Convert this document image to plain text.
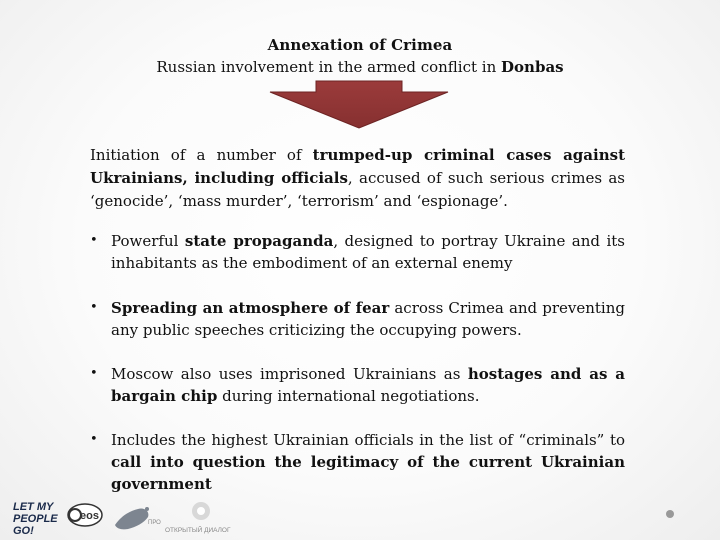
Annexation of Crimea
Russian involvement in the armed conflict in Donbas
Initiation of a number of trumped-up criminal cases against Ukrainians, including officials, accused of such serious crimes as ‘genocide’, ‘mass murder’, ‘terrorism’ and ‘espionage’.
• Powerful state propaganda, designed to portray Ukraine and its inhabitants as the embodiment of an external enemy
• Spreading an atmosphere of fear across Crimea and preventing any public speeches criticizing the occupying powers.
• Moscow also uses imprisoned Ukrainians as hostages and as a bargain chip during international negotiations.
• Includes the highest Ukrainian officials in the list of “criminals” to call into question the legitimacy of the current Ukrainian government
LET MY
PEOPLE
GO!
eos
ПРО
ОТКРЫТЫЙ ДИАЛОГ
